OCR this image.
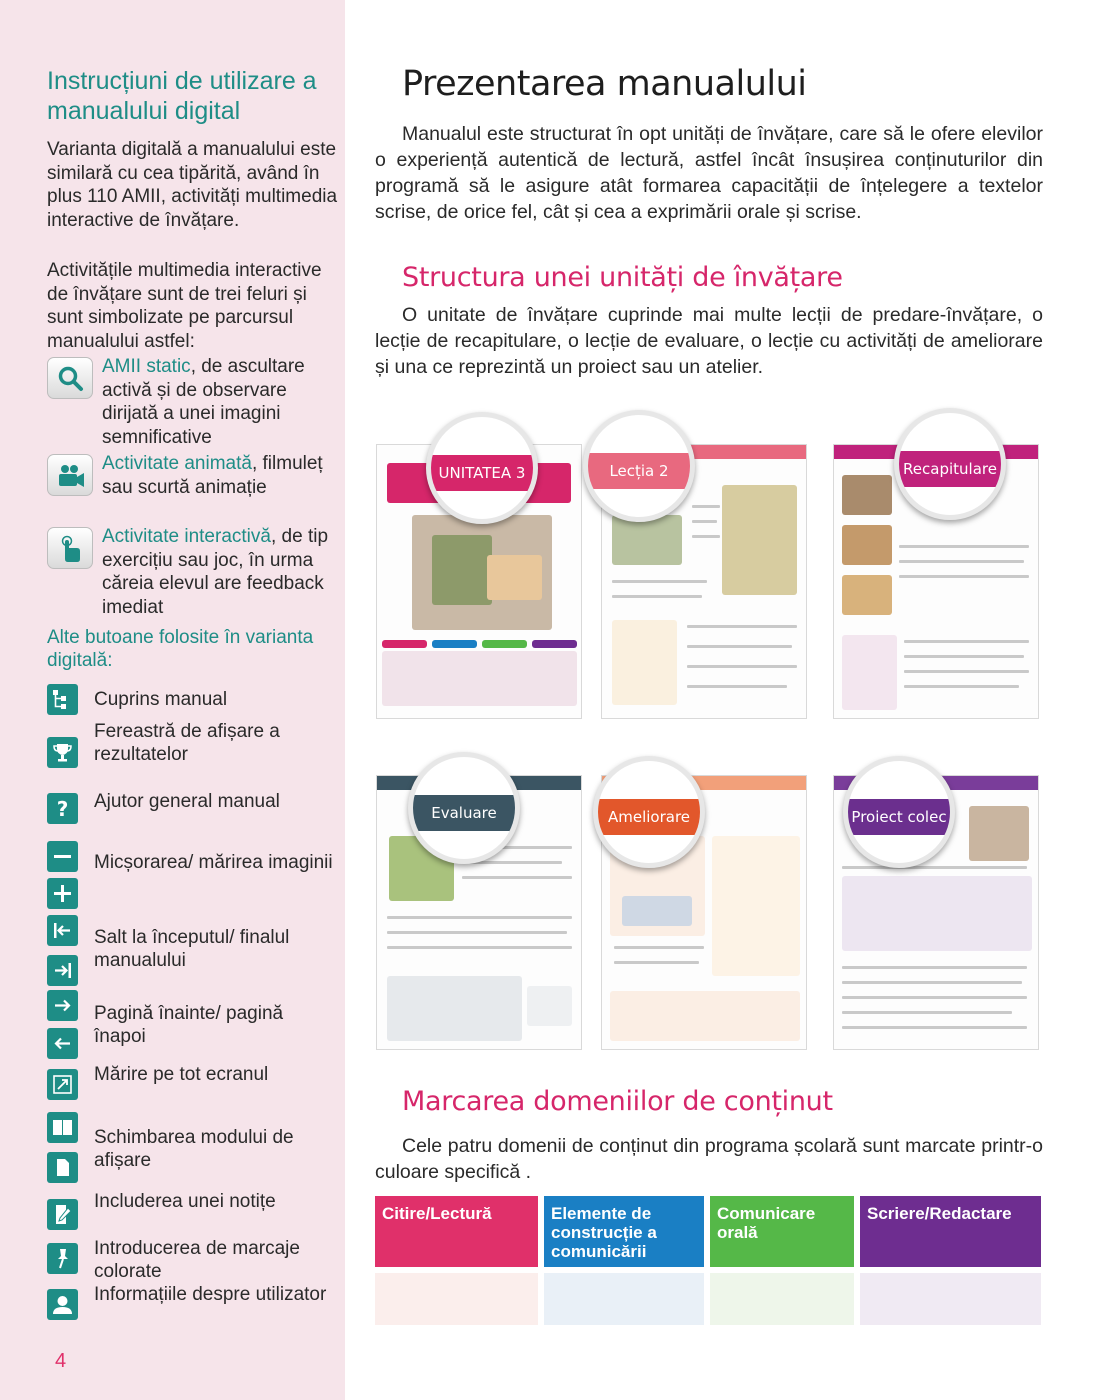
Instrucțiuni de utilizare a manualului digital
Varianta digitală a manualului este similară cu cea tipărită, având în plus 110 AMII, activități multimedia interactive de învățare.
Activitățile multimedia interactive de învățare sunt de trei feluri și sunt simbolizate pe parcursul manualului astfel:
AMII static, de ascultare activă și de observare dirijată a unei imagini semnificative
Activitate animată, filmuleț sau scurtă animație
Activitate interactivă, de tip exercițiu sau joc, în urma căreia elevul are feedback imediat
Alte butoane folosite în varianta digitală:
Cuprins manual
Fereastră de afișare a rezultatelor
? Ajutor general manual
Micșorarea/ mărirea imaginii
Salt la începutul/ finalul manualului
Pagină înainte/ pagină înapoi
Mărire pe tot ecranul
Schimbarea modului de afișare
Includerea unei notițe
Introducerea de marcaje colorate
Informațiile despre utilizator
4
Prezentarea manualului
Manualul este structurat în opt unități de învățare, care să le ofere elevilor o experiență autentică de lectură, astfel încât însușirea conținuturilor din programă să le asigure atât formarea capacității de înțelegere a textelor scrise, de orice fel, cât și cea a exprimării orale și scrise.
Structura unei unități de învățare
O unitate de învățare cuprinde mai multe lecții de predare-învățare, o lecție de recapitulare, o lecție de evaluare, o lecție cu activități de ameliorare și una ce reprezintă un proiect sau un atelier.
UNITATEA 3	Lecția 2	Recapitulare
Evaluare	Ameliorare	Proiect colec
Marcarea domeniilor de conținut
Cele patru domenii de conținut din programa școlară sunt marcate printr-o culoare specifică .
Citire/Lectură	Elemente de construcție a comunicării
Comunicare orală
Scriere/Redactare
